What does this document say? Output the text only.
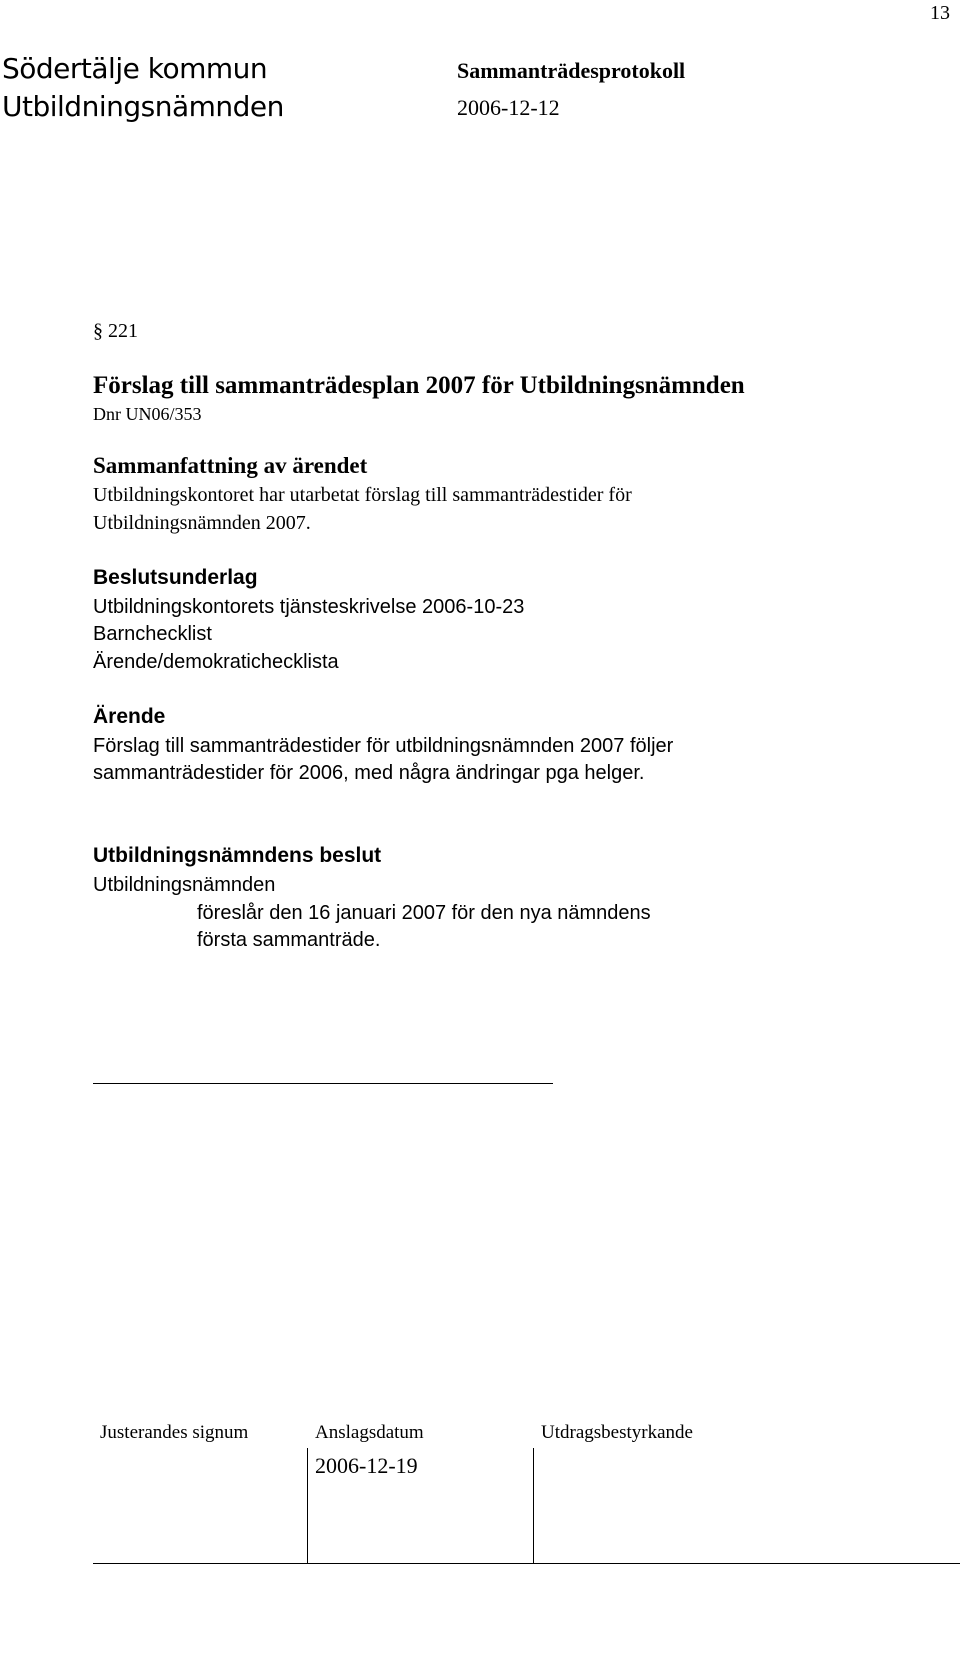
13
Södertälje kommun
Utbildningsnämnden
Sammanträdesprotokoll
2006-12-12
§ 221
Förslag till sammanträdesplan 2007 för Utbildningsnämnden
Dnr UN06/353
Sammanfattning av ärendet
Utbildningskontoret har utarbetat förslag till sammanträdestider för
Utbildningsnämnden 2007.
Beslutsunderlag
Utbildningskontorets tjänsteskrivelse 2006-10-23
Barnchecklist
Ärende/demokratichecklista
Ärende
Förslag till sammanträdestider för utbildningsnämnden 2007 följer
sammanträdestider för 2006, med några ändringar pga helger.
Utbildningsnämndens beslut
Utbildningsnämnden
föreslår den 16 januari 2007 för den nya nämndens
första sammanträde.
Justerandes signum	Anslagsdatum	Utdragsbestyrkande
2006-12-19
